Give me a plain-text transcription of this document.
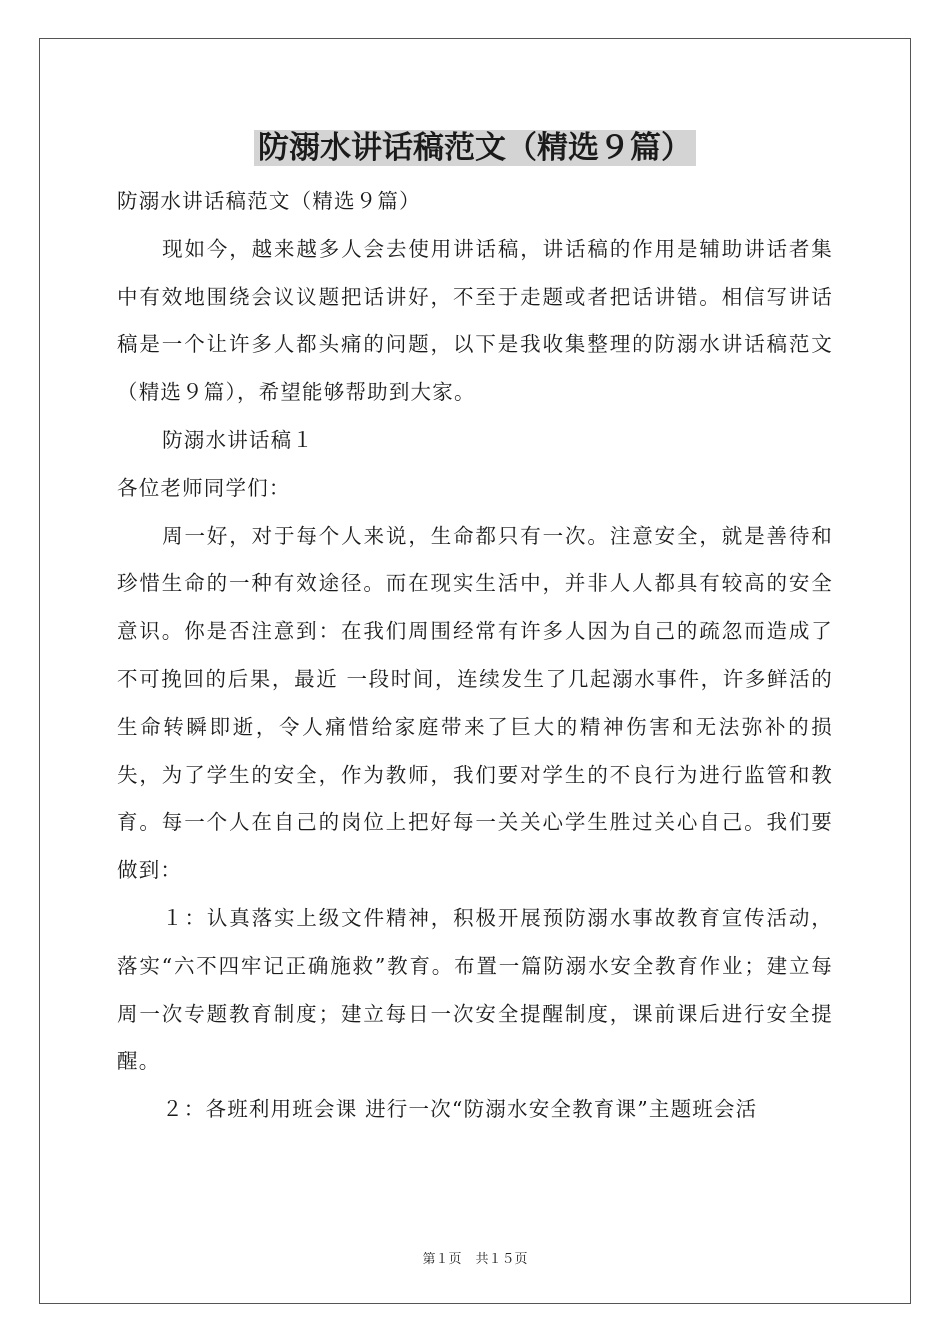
防溺水讲话稿范文（精选９篇）

防溺水讲话稿范文（精选９篇）

现如今，越来越多人会去使用讲话稿，讲话稿的作用是辅助讲话者集中有效地围绕会议议题把话讲好，不至于走题或者把话讲错。相信写讲话稿是一个让许多人都头痛的问题，以下是我收集整理的防溺水讲话稿范文（精选９篇），希望能够帮助到大家。

防溺水讲话稿１

各位老师同学们：

周一好，对于每个人来说，生命都只有一次。注意安全，就是善待和珍惜生命的一种有效途径。而在现实生活中，并非人人都具有较高的安全意识。你是否注意到：在我们周围经常有许多人因为自己的疏忽而造成了不可挽回的后果，最近 一段时间，连续发生了几起溺水事件，许多鲜活的生命转瞬即逝，令人痛惜给家庭带来了巨大的精神伤害和无法弥补的损失，为了学生的安全，作为教师，我们要对学生的不良行为进行监管和教育。每一个人在自己的岗位上把好每一关关心学生胜过关心自己。我们要做到：

１：认真落实上级文件精神，积极开展预防溺水事故教育宣传活动，落实“六不四牢记正确施救”教育。布置一篇防溺水安全教育作业；建立每周一次专题教育制度；建立每日一次安全提醒制度，课前课后进行安全提醒。

２：各班利用班会课 进行一次“防溺水安全教育课”主题班会活

第１页 共１５页
